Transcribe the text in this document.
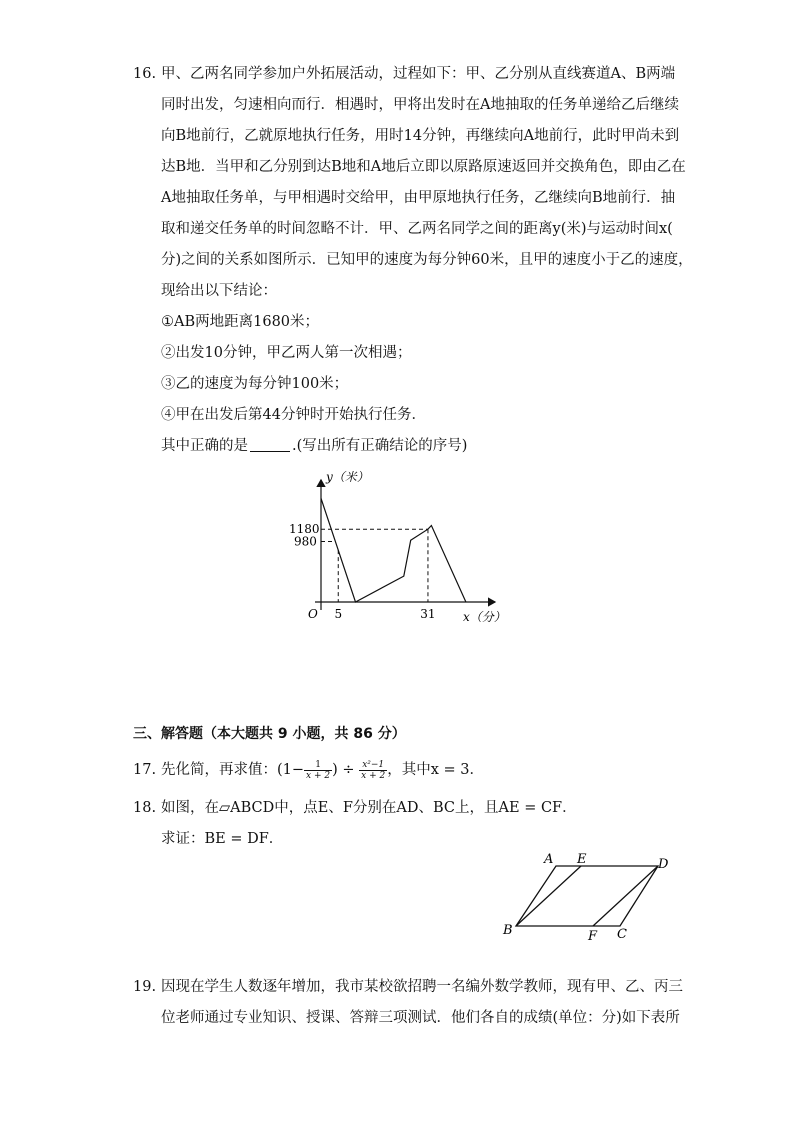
16. 甲、乙两名同学参加户外拓展活动，过程如下：甲、乙分别从直线赛道A、B两端
同时出发，匀速相向而行．相遇时，甲将出发时在A地抽取的任务单递给乙后继续
向B地前行，乙就原地执行任务，用时14分钟，再继续向A地前行，此时甲尚未到
达B地．当甲和乙分别到达B地和A地后立即以原路原速返回并交换角色，即由乙在
A地抽取任务单，与甲相遇时交给甲，由甲原地执行任务，乙继续向B地前行．抽
取和递交任务单的时间忽略不计．甲、乙两名同学之间的距离y(米)与运动时间x(
分)之间的关系如图所示．已知甲的速度为每分钟60米，且甲的速度小于乙的速度，
现给出以下结论：
①AB两地距离1680米；
②出发10分钟，甲乙两人第一次相遇；
③乙的速度为每分钟100米；
④甲在出发后第44分钟时开始执行任务．
其中正确的是	.(写出所有正确结论的序号)
y（米）
x（分）
O
1180
980
5	31
三、解答题（本大题共 9 小题，共 86 分）
17. 先化简，再求值：($1- \frac{1}{x + 2}$ ) ÷ $\frac{\text{x²−1}}{x + 2}$ ，其中x = 3．
18. 如图，在▱ABCD中，点E、F分别在AD、BC上，且AE = CF．
求证：BE = DF．
A E	D
B	F C
19. 因现在学生人数逐年增加，我市某校欲招聘一名编外数学教师，现有甲、乙、丙三
位老师通过专业知识、授课、答辩三项测试．他们各自的成绩(单位：分)如下表所
